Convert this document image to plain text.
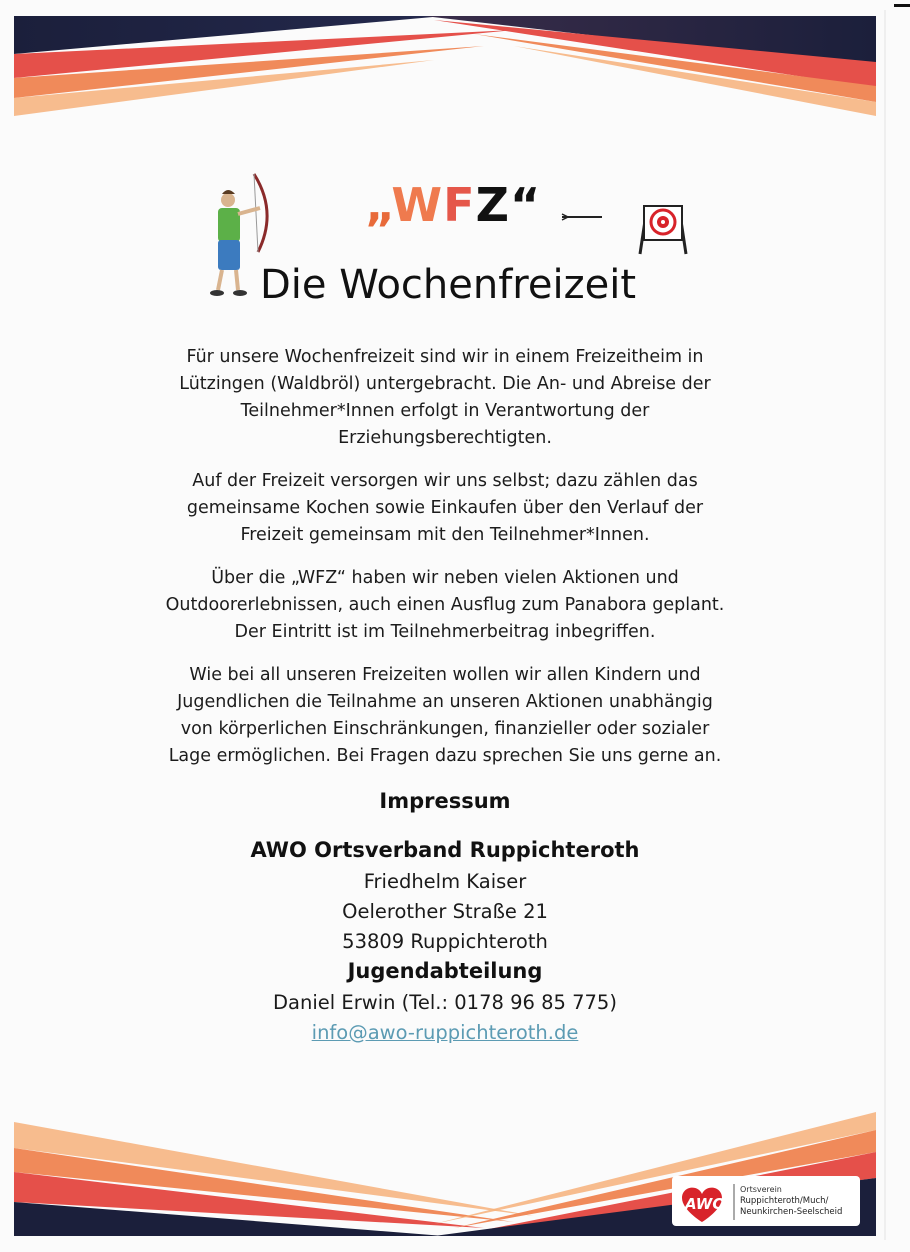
„WFZ“
Die Wochenfreizeit
Für unsere Wochenfreizeit sind wir in einem Freizeitheim in
Lützingen (Waldbröl) untergebracht. Die An- und Abreise der
Teilnehmer*Innen erfolgt in Verantwortung der
Erziehungsberechtigten.
Auf der Freizeit versorgen wir uns selbst; dazu zählen das
gemeinsame Kochen sowie Einkaufen über den Verlauf der
Freizeit gemeinsam mit den Teilnehmer*Innen.
Über die „WFZ“ haben wir neben vielen Aktionen und
Outdoorerlebnissen, auch einen Ausflug zum Panabora geplant.
Der Eintritt ist im Teilnehmerbeitrag inbegriffen.
Wie bei all unseren Freizeiten wollen wir allen Kindern und
Jugendlichen die Teilnahme an unseren Aktionen unabhängig
von körperlichen Einschränkungen, finanzieller oder sozialer
Lage ermöglichen. Bei Fragen dazu sprechen Sie uns gerne an.
Impressum
AWO Ortsverband Ruppichteroth
Friedhelm Kaiser
Oelerother Straße 21
53809 Ruppichteroth
Jugendabteilung
Daniel Erwin (Tel.: 0178 96 85 775)
info@awo-ruppichteroth.de
AWO
Ortsverein
Ruppichteroth/Much/
Neunkirchen-Seelscheid
